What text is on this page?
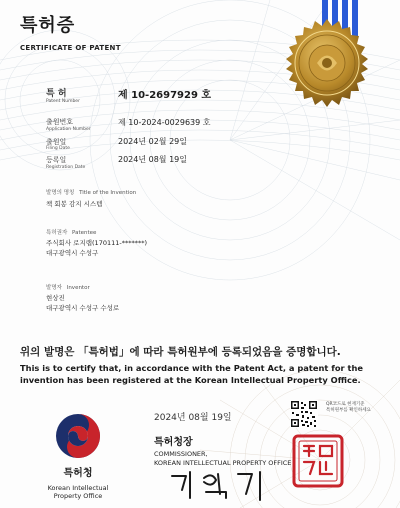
특허증
CERTIFICATE OF PATENT
특 허
Patent Number
제 10-2697929 호
출원번호
Application Number
제 10-2024-0029639 호
출원일
Filing Date
2024년 02월 29일
등록일
Registration Date
2024년 08월 19일
발명의 명칭 Title of the Invention
책 회봉 감지 시스템
특허권자 Patentee
주식회사 로지랩(170111-*******)
대구광역시 수성구
발명자 Inventor
현상진
대구광역시 수성구 수성로
위의 발명은 「특허법」에 따라 특허원부에 등록되었음을 증명합니다.
This is to certify that, in accordance with the Patent Act, a patent for the invention has been registered at the Korean Intellectual Property Office.
특허청
Korean Intellectual
Property Office
2024년 08월 19일
특허청장
COMMISSIONER,
KOREAN INTELLECTUAL PROPERTY OFFICE
QR코드로 현재기준
특허원부를 확인하세요
